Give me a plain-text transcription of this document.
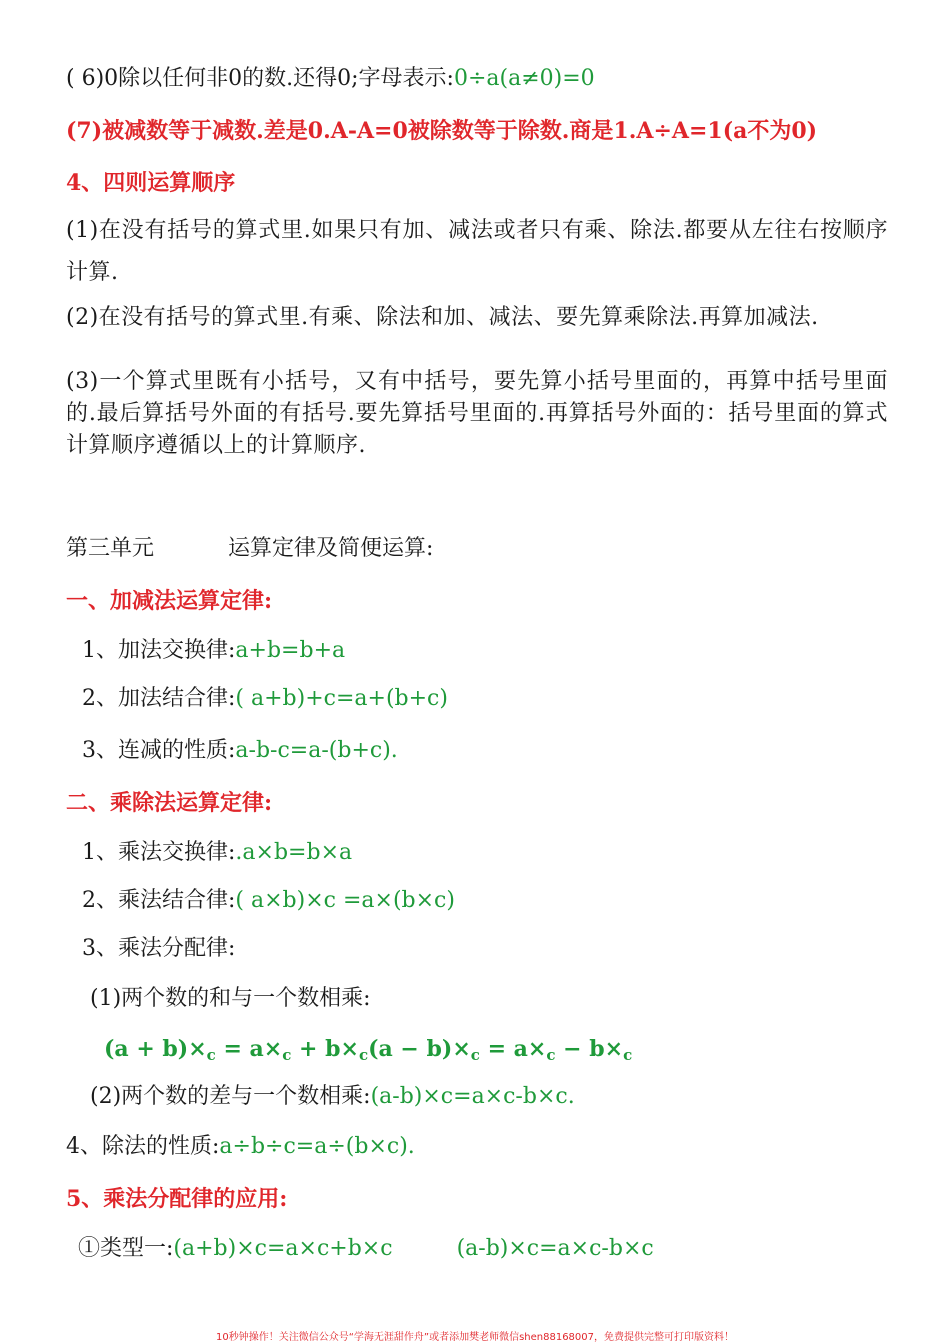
( 6)0除以任何非0的数.还得0;字母表示:0÷a(a≠0)=0
(7)被减数等于减数.差是0.A-A=0被除数等于除数.商是1.A÷A=1(a不为0)
4、四则运算顺序
(1)在没有括号的算式里.如果只有加、减法或者只有乘、除法.都要从左往右按顺序计算.
(2)在没有括号的算式里.有乘、除法和加、减法、要先算乘除法.再算加减法.
(3)一个算式里既有小括号，又有中括号，要先算小括号里面的，再算中括号里面的.最后算括号外面的有括号.要先算括号里面的.再算括号外面的：括号里面的算式计算顺序遵循以上的计算顺序.
第三单元	运算定律及简便运算:
一、加减法运算定律:
1、加法交换律:a+b=b+a
2、加法结合律:( a+b)+c=a+(b+c)
3、连减的性质:a-b-c=a-(b+c).
二、乘除法运算定律:
1、乘法交换律:.a×b=b×a
2、乘法结合律:( a×b)×c =a×(b×c)
3、乘法分配律:
(1)两个数的和与一个数相乘:
$(a + b)\times_c = a\times_c + b\times_c(a - b)\times_c = a\times_c - b\times_c$
(2)两个数的差与一个数相乘:(a-b)×c=a×c-b×c.
4、除法的性质:a÷b÷c=a÷(b×c).
5、乘法分配律的应用:
①类型一:(a+b)×c=a×c+b×c	(a-b)×c=a×c-b×c
10秒钟操作！关注微信公众号“学海无涯甜作舟”或者添加樊老师微信shen88168007，免费提供完整可打印版资料！
